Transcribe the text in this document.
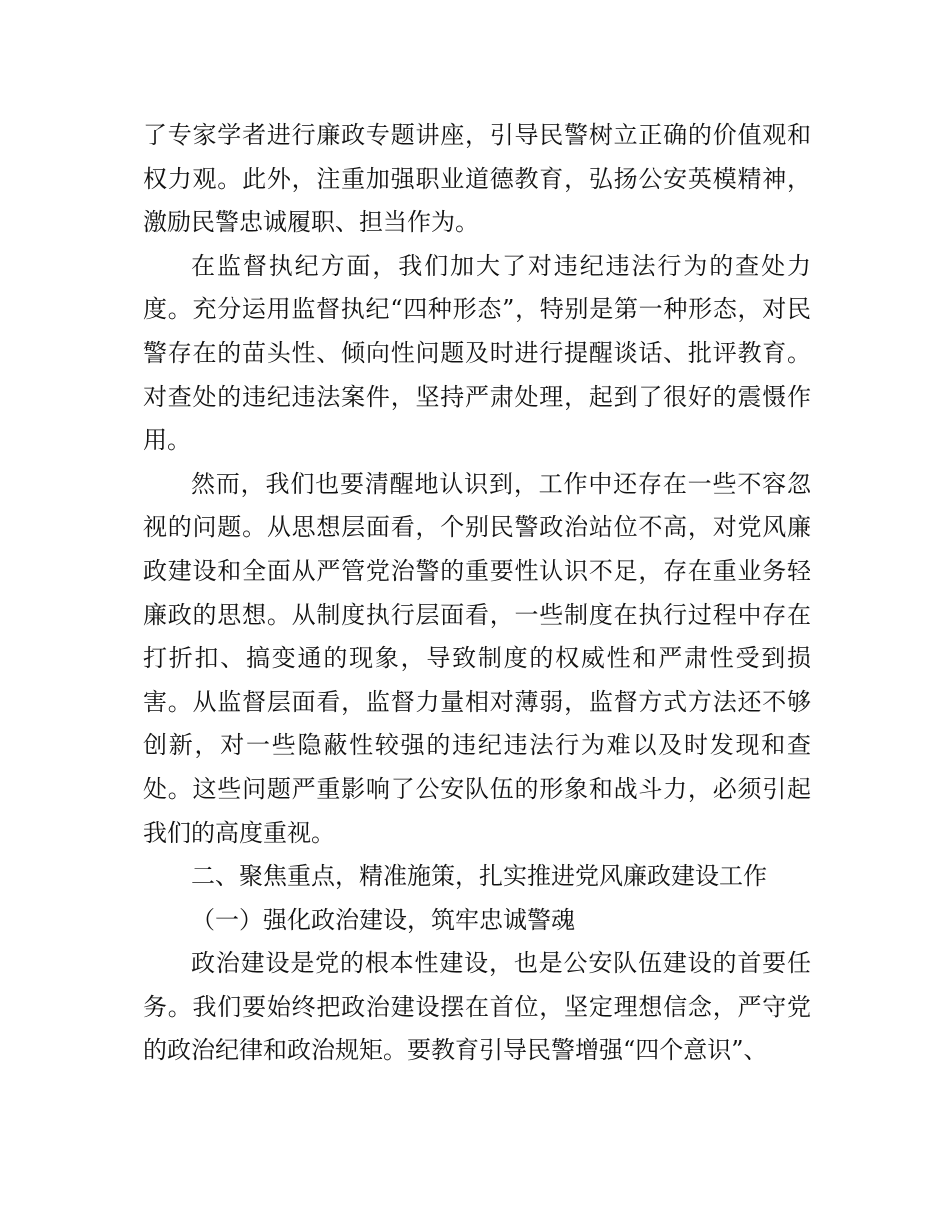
了专家学者进行廉政专题讲座，引导民警树立正确的价值观和权力观。此外，注重加强职业道德教育，弘扬公安英模精神，激励民警忠诚履职、担当作为。

在监督执纪方面，我们加大了对违纪违法行为的查处力度。充分运用监督执纪“四种形态”，特别是第一种形态，对民警存在的苗头性、倾向性问题及时进行提醒谈话、批评教育。对查处的违纪违法案件，坚持严肃处理，起到了很好的震慑作用。

然而，我们也要清醒地认识到，工作中还存在一些不容忽视的问题。从思想层面看，个别民警政治站位不高，对党风廉政建设和全面从严管党治警的重要性认识不足，存在重业务轻廉政的思想。从制度执行层面看，一些制度在执行过程中存在打折扣、搞变通的现象，导致制度的权威性和严肃性受到损害。从监督层面看，监督力量相对薄弱，监督方式方法还不够创新，对一些隐蔽性较强的违纪违法行为难以及时发现和查处。这些问题严重影响了公安队伍的形象和战斗力，必须引起我们的高度重视。

二、聚焦重点，精准施策，扎实推进党风廉政建设工作

（一）强化政治建设，筑牢忠诚警魂

政治建设是党的根本性建设，也是公安队伍建设的首要任务。我们要始终把政治建设摆在首位，坚定理想信念，严守党的政治纪律和政治规矩。要教育引导民警增强“四个意识”、
